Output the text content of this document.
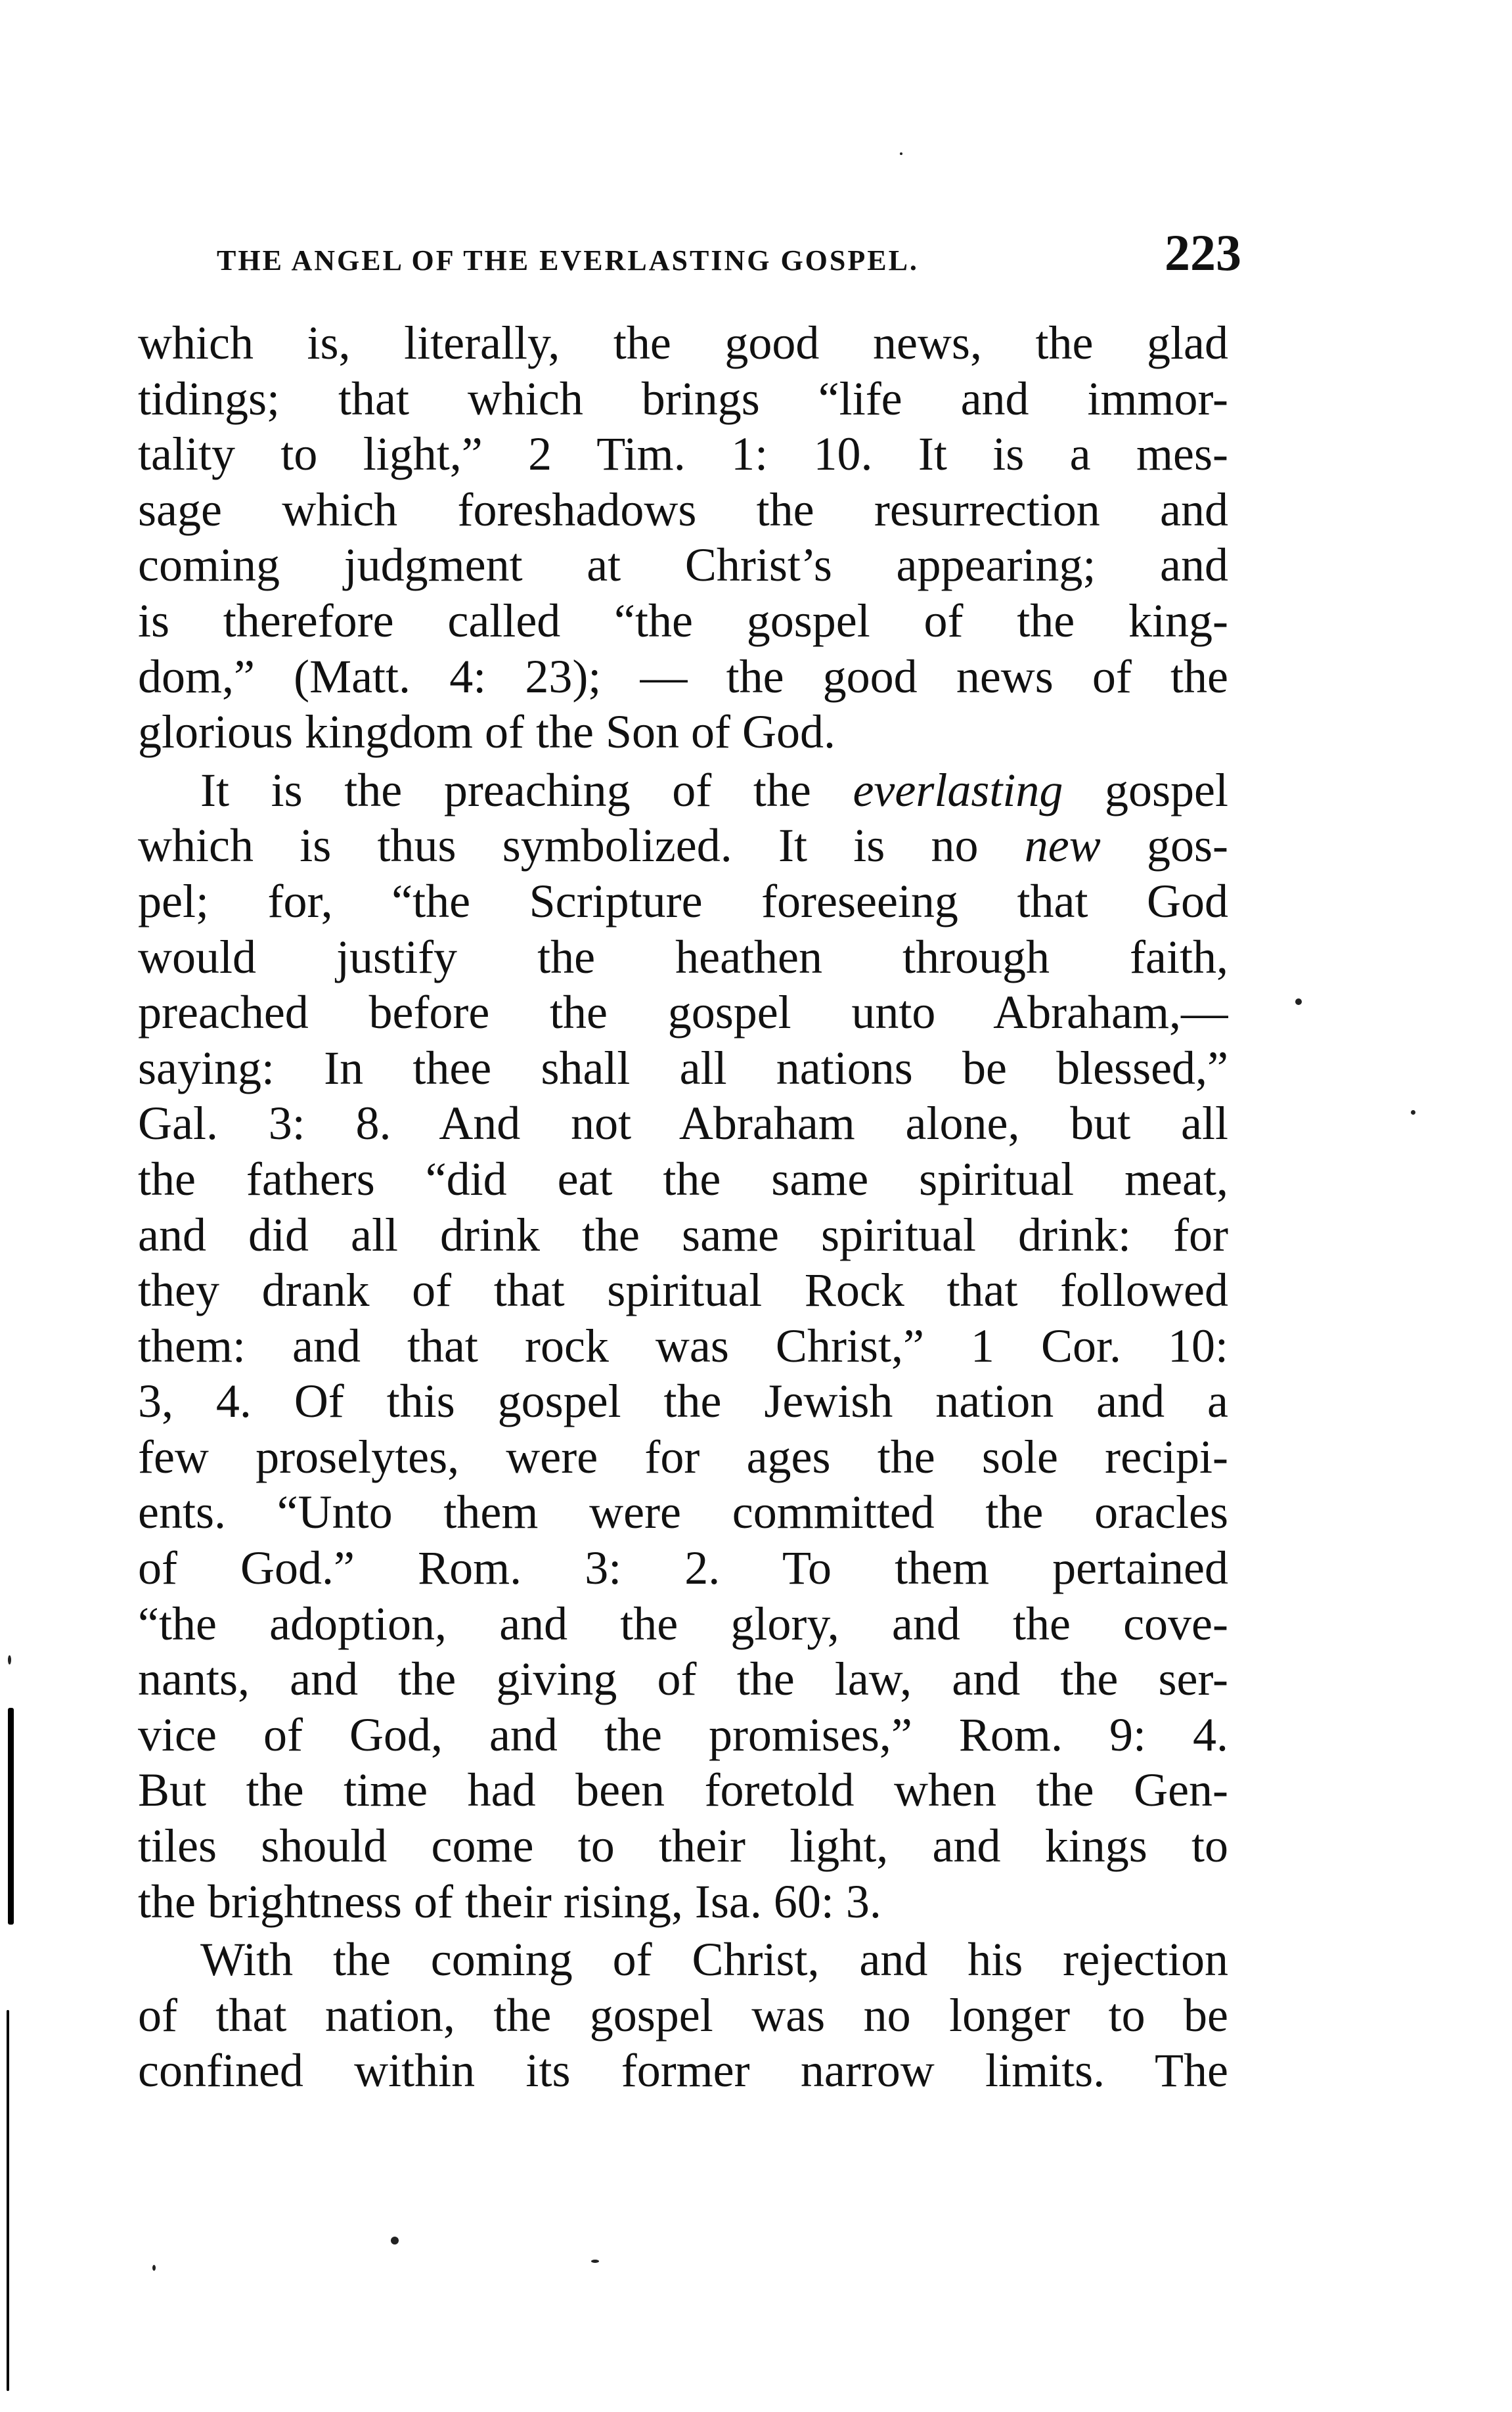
THE ANGEL OF THE EVERLASTING GOSPEL.	223
which is, literally, the good news, the glad
tidings; that which brings “life and immor-
tality to light,” 2 Tim. 1: 10. It is a mes-
sage which foreshadows the resurrection and
coming judgment at Christ’s appearing; and
is therefore called “the gospel of the king-
dom,” (Matt. 4: 23); — the good news of the
glorious kingdom of the Son of God.
It is the preaching of the everlasting gospel
which is thus symbolized. It is no new gos-
pel; for, “the Scripture foreseeing that God
would justify the heathen through faith,
preached before the gospel unto Abraham,—
saying: In thee shall all nations be blessed,”
Gal. 3: 8. And not Abraham alone, but all
the fathers “did eat the same spiritual meat,
and did all drink the same spiritual drink: for
they drank of that spiritual Rock that followed
them: and that rock was Christ,” 1 Cor. 10:
3, 4. Of this gospel the Jewish nation and a
few proselytes, were for ages the sole recipi-
ents. “Unto them were committed the oracles
of God.” Rom. 3: 2. To them pertained
“the adoption, and the glory, and the cove-
nants, and the giving of the law, and the ser-
vice of God, and the promises,” Rom. 9: 4.
But the time had been foretold when the Gen-
tiles should come to their light, and kings to
the brightness of their rising, Isa. 60: 3.
With the coming of Christ, and his rejection
of that nation, the gospel was no longer to be
confined within its former narrow limits. The
